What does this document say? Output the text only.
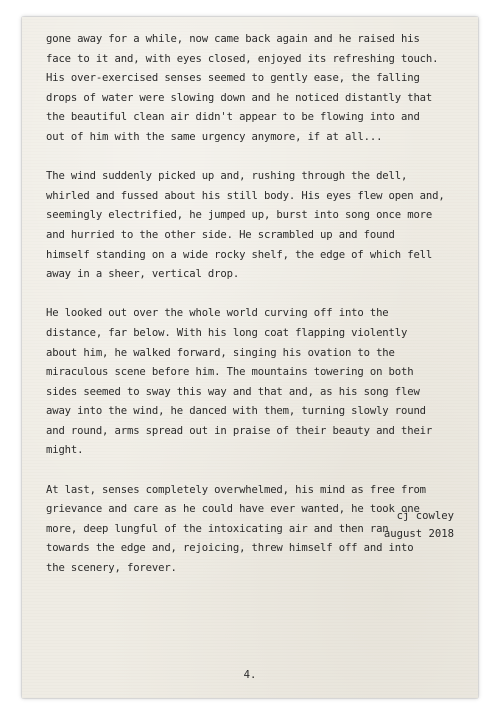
gone away for a while, now came back again and he raised his
face to it and, with eyes closed, enjoyed its refreshing touch.
His over-exercised senses seemed to gently ease, the falling
drops of water were slowing down and he noticed distantly that
the beautiful clean air didn't appear to be flowing into and
out of him with the same urgency anymore, if at all...

The wind suddenly picked up and, rushing through the dell,
whirled and fussed about his still body. His eyes flew open and,
seemingly electrified, he jumped up, burst into song once more
and hurried to the other side. He scrambled up and found
himself standing on a wide rocky shelf, the edge of which fell
away in a sheer, vertical drop.

He looked out over the whole world curving off into the
distance, far below. With his long coat flapping violently
about him, he walked forward, singing his ovation to the
miraculous scene before him. The mountains towering on both
sides seemed to sway this way and that and, as his song flew
away into the wind, he danced with them, turning slowly round
and round, arms spread out in praise of their beauty and their
might.

At last, senses completely overwhelmed, his mind as free from
grievance and care as he could have ever wanted, he took one
more, deep lungful of the intoxicating air and then ran
towards the edge and, rejoicing, threw himself off and into
the scenery, forever.

cj cowley
august 2018
4.
